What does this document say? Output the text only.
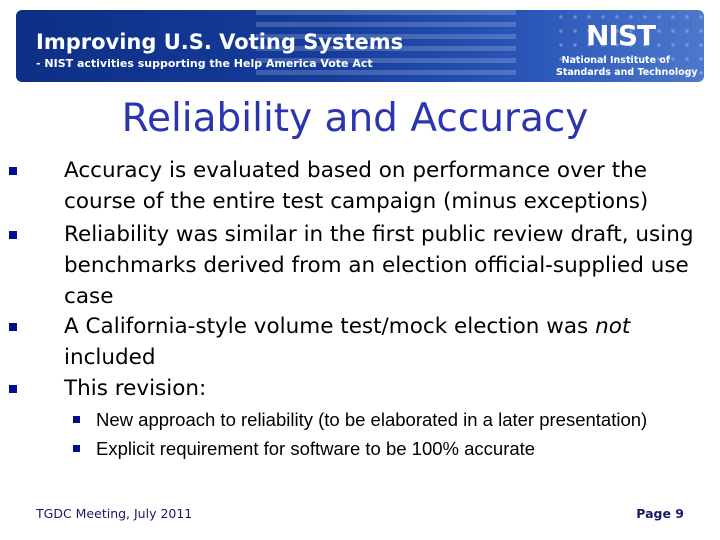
Improving U.S. Voting Systems
- NIST activities supporting the Help America Vote Act
NIST
National Institute of
Standards and Technology
Reliability and Accuracy
Accuracy is evaluated based on performance over the
course of the entire test campaign (minus exceptions)
Reliability was similar in the first public review draft, using
benchmarks derived from an election official-supplied use
case
A California-style volume test/mock election was not
included
This revision:
New approach to reliability (to be elaborated in a later presentation)
Explicit requirement for software to be 100% accurate
TGDC Meeting, July 2011	Page 9
